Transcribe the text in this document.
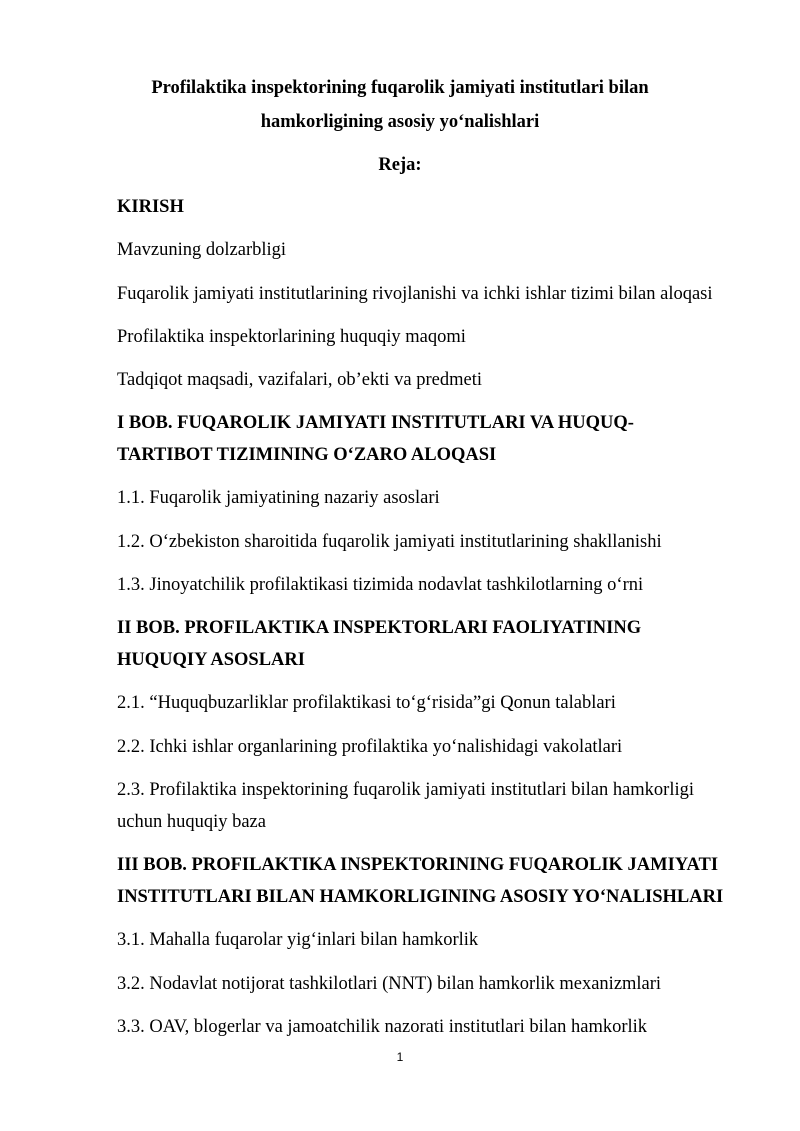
Profilaktika inspektorining fuqarolik jamiyati institutlari bilan

hamkorligining asosiy yo‘nalishlari

Reja:

KIRISH

Mavzuning dolzarbligi

Fuqarolik jamiyati institutlarining rivojlanishi va ichki ishlar tizimi bilan aloqasi

Profilaktika inspektorlarining huquqiy maqomi

Tadqiqot maqsadi, vazifalari, ob’ekti va predmeti

I BOB. FUQAROLIK JAMIYATI INSTITUTLARI VA HUQUQ-

TARTIBOT TIZIMINING O‘ZARO ALOQASI

1.1. Fuqarolik jamiyatining nazariy asoslari

1.2. O‘zbekiston sharoitida fuqarolik jamiyati institutlarining shakllanishi

1.3. Jinoyatchilik profilaktikasi tizimida nodavlat tashkilotlarning o‘rni

II BOB. PROFILAKTIKA INSPEKTORLARI FAOLIYATINING

HUQUQIY ASOSLARI

2.1. “Huquqbuzarliklar profilaktikasi to‘g‘risida”gi Qonun talablari

2.2. Ichki ishlar organlarining profilaktika yo‘nalishidagi vakolatlari

2.3. Profilaktika inspektorining fuqarolik jamiyati institutlari bilan hamkorligi

uchun huquqiy baza

III BOB. PROFILAKTIKA INSPEKTORINING FUQAROLIK JAMIYATI

INSTITUTLARI BILAN HAMKORLIGINING ASOSIY YO‘NALISHLARI

3.1. Mahalla fuqarolar yig‘inlari bilan hamkorlik

3.2. Nodavlat notijorat tashkilotlari (NNT) bilan hamkorlik mexanizmlari

3.3. OAV, blogerlar va jamoatchilik nazorati institutlari bilan hamkorlik

1
